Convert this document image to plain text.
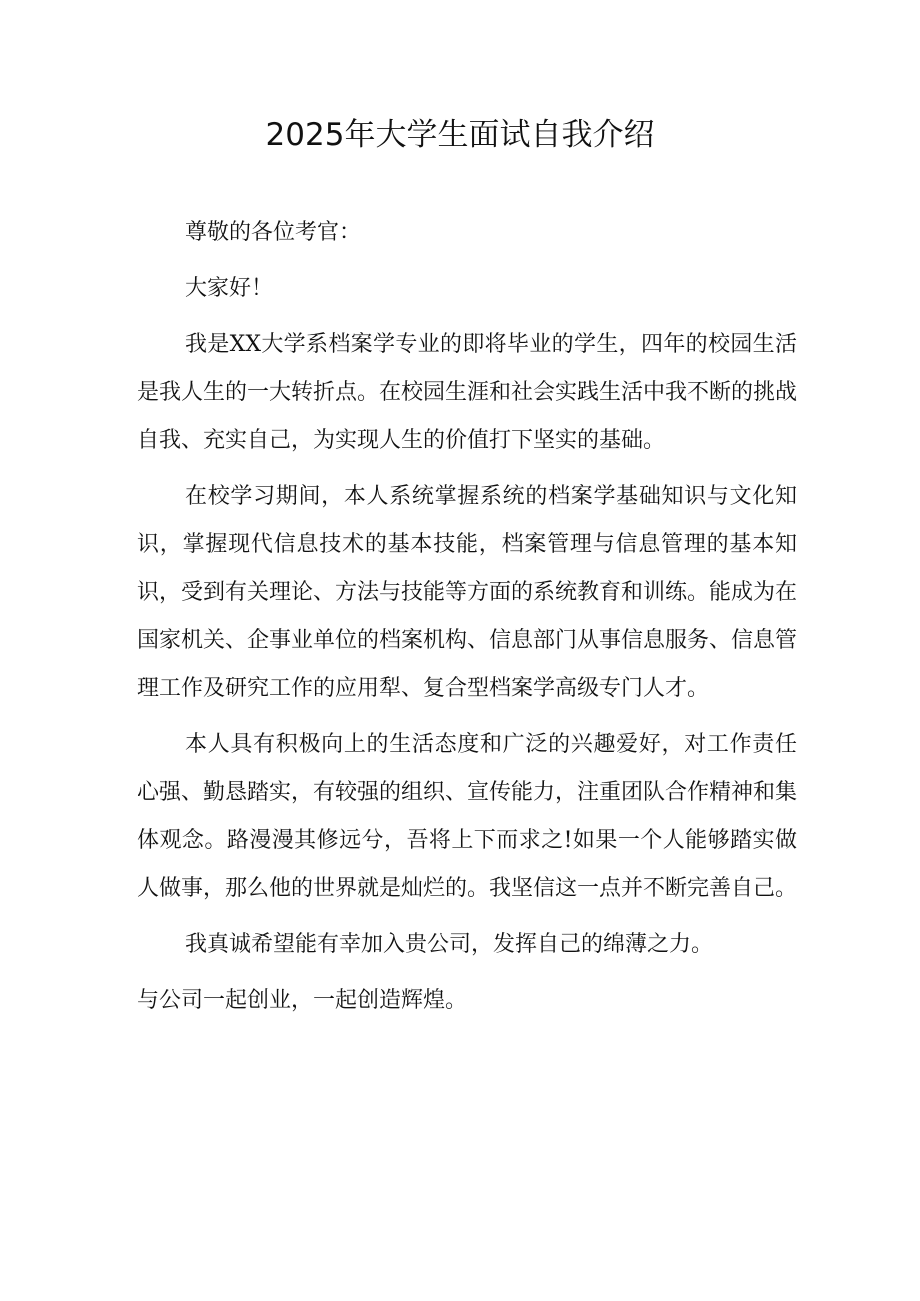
2025年大学生面试自我介绍

尊敬的各位考官：

大家好！

我是XX大学系档案学专业的即将毕业的学生，四年的校园生活是我人生的一大转折点。在校园生涯和社会实践生活中我不断的挑战自我、充实自己，为实现人生的价值打下坚实的基础。

在校学习期间，本人系统掌握系统的档案学基础知识与文化知识，掌握现代信息技术的基本技能，档案管理与信息管理的基本知识，受到有关理论、方法与技能等方面的系统教育和训练。能成为在国家机关、企事业单位的档案机构、信息部门从事信息服务、信息管理工作及研究工作的应用犁、复合型档案学高级专门人才。

本人具有积极向上的生活态度和广泛的兴趣爱好，对工作责任心强、勤恳踏实，有较强的组织、宣传能力，注重团队合作精神和集体观念。路漫漫其修远兮，吾将上下而求之!如果一个人能够踏实做人做事，那么他的世界就是灿烂的。我坚信这一点并不断完善自己。

我真诚希望能有幸加入贵公司，发挥自己的绵薄之力。

与公司一起创业，一起创造辉煌。
